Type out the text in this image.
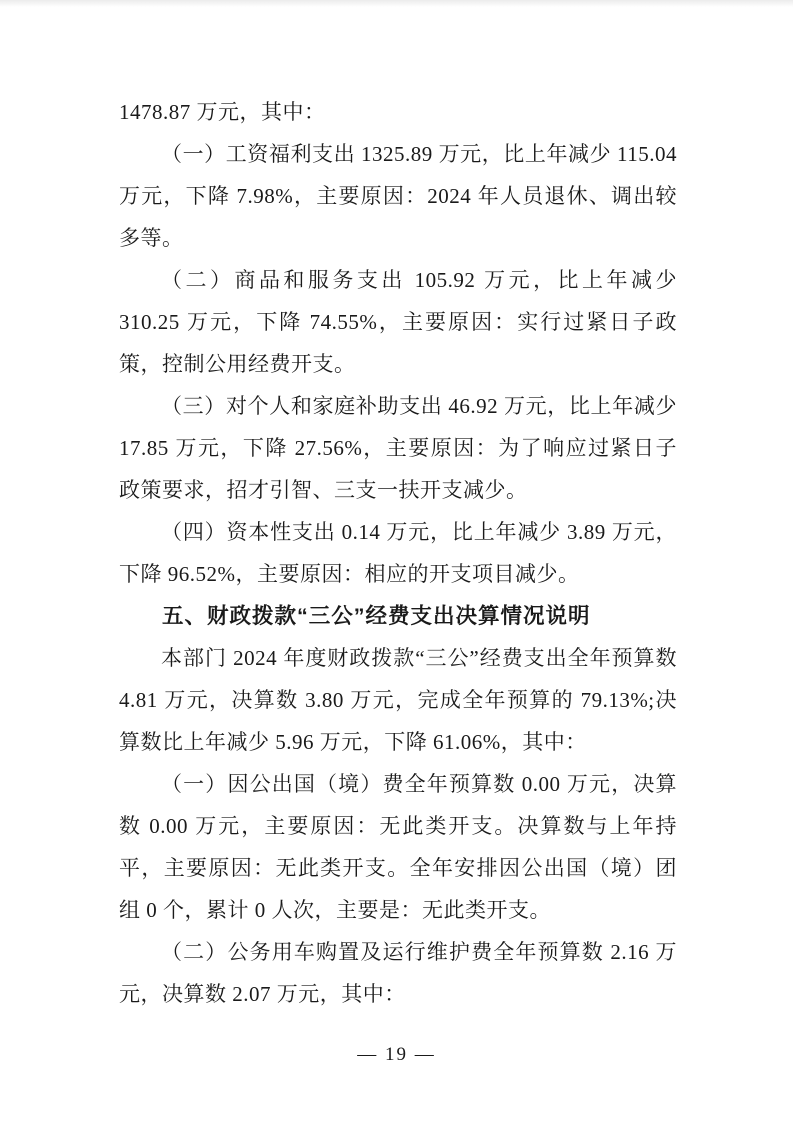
1478.87 万元，其中：

（一）工资福利支出 1325.89 万元，比上年减少 115.04 万元，下降 7.98%，主要原因：2024 年人员退休、调出较多等。

（二）商品和服务支出 105.92 万元，比上年减少 310.25 万元，下降 74.55%，主要原因：实行过紧日子政策，控制公用经费开支。

（三）对个人和家庭补助支出 46.92 万元，比上年减少 17.85 万元，下降 27.56%，主要原因：为了响应过紧日子政策要求，招才引智、三支一扶开支减少。

（四）资本性支出 0.14 万元，比上年减少 3.89 万元，下降 96.52%，主要原因：相应的开支项目减少。

五、财政拨款“三公”经费支出决算情况说明

本部门 2024 年度财政拨款“三公”经费支出全年预算数 4.81 万元，决算数 3.80 万元，完成全年预算的 79.13%;决算数比上年减少 5.96 万元，下降 61.06%，其中：

（一）因公出国（境）费全年预算数 0.00 万元，决算数 0.00 万元，主要原因：无此类开支。决算数与上年持平，主要原因：无此类开支。全年安排因公出国（境）团组 0 个，累计 0 人次，主要是：无此类开支。

（二）公务用车购置及运行维护费全年预算数 2.16 万元，决算数 2.07 万元，其中：

— 19 —
